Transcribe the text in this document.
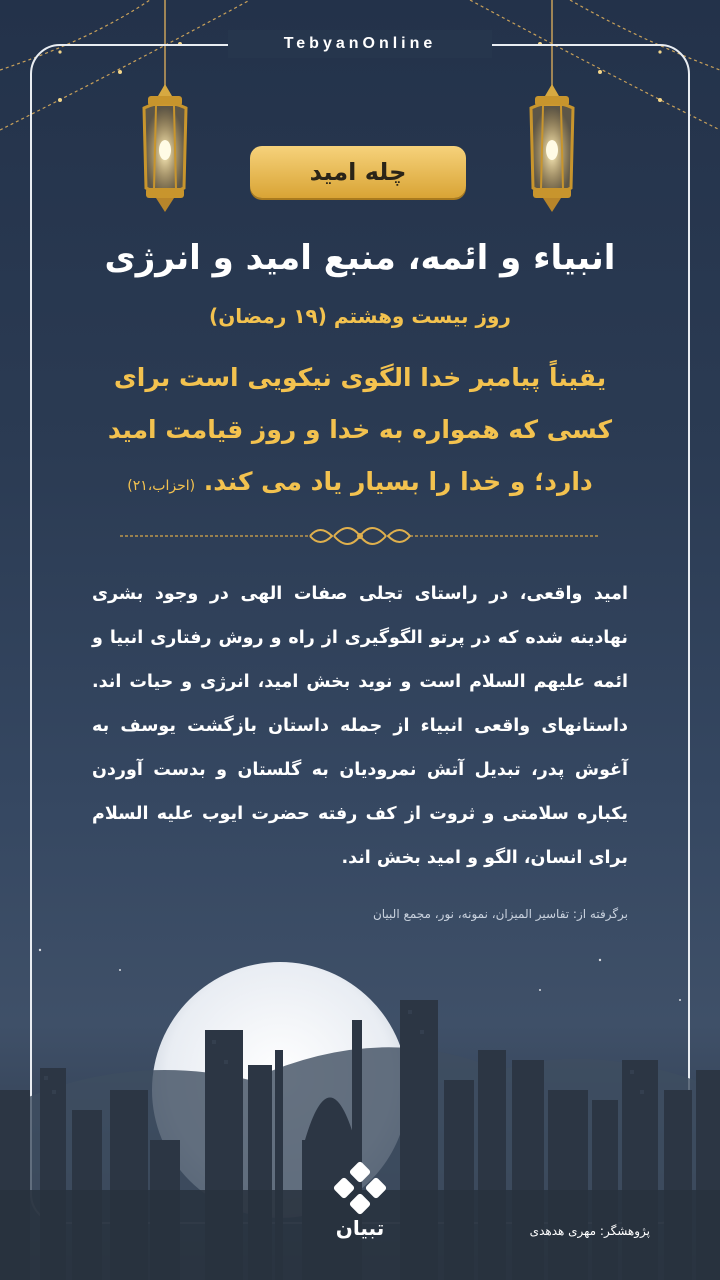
TebyanOnline
چله امید
انبیاء و ائمه، منبع امید و انرژی
روز بیست وهشتم (۱۹ رمضان)
یقیناً پیامبر خدا الگوی نیکویی است برای کسی که همواره به خدا و روز قیامت امید دارد؛ و خدا را بسیار یاد می کند. (احزاب،۲۱)
امید واقعی، در راستای تجلی صفات الهی در وجود بشری نهادینه شده که در پرتو الگوگیری از راه و روش رفتاری انبیا و ائمه علیهم السلام است و نوید بخش امید، انرژی و حیات اند. داستانهای واقعی انبیاء از جمله داستان بازگشت یوسف به آغوش پدر، تبدیل آتش نمرودیان به گلستان و بدست آوردن یکباره سلامتی و ثروت از کف رفته حضرت ایوب علیه السلام برای انسان، الگو و امید بخش اند.
برگرفته از: تفاسیر المیزان، نمونه، نور، مجمع البیان
تبیان	پژوهشگر: مهری هدهدی
